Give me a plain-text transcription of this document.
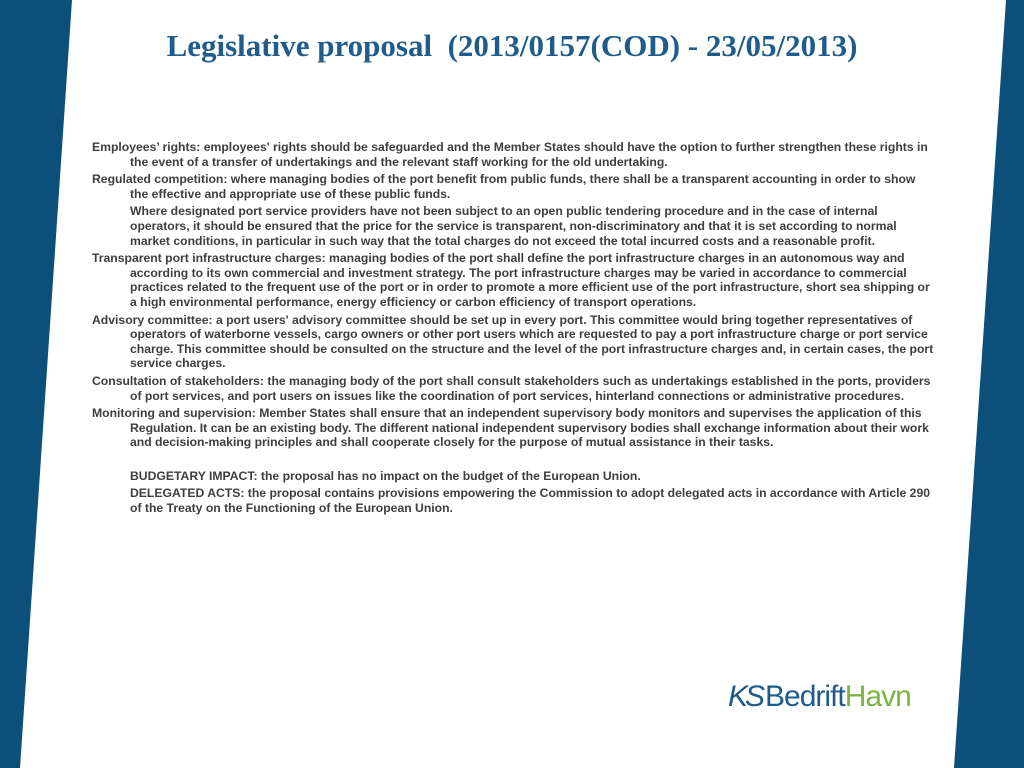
Legislative proposal  (2013/0157(COD) - 23/05/2013)

Employees’ rights: employees' rights should be safeguarded and the Member States should have the option to further strengthen these rights in the event of a transfer of undertakings and the relevant staff working for the old undertaking.

Regulated competition: where managing bodies of the port benefit from public funds, there shall be a transparent accounting in order to show the effective and appropriate use of these public funds.

Where designated port service providers have not been subject to an open public tendering procedure and in the case of internal operators, it should be ensured that the price for the service is transparent, non-discriminatory and that it is set according to normal market conditions, in particular in such way that the total charges do not exceed the total incurred costs and a reasonable profit.

Transparent port infrastructure charges: managing bodies of the port shall define the port infrastructure charges in an autonomous way and according to its own commercial and investment strategy. The port infrastructure charges may be varied in accordance to commercial practices related to the frequent use of the port or in order to promote a more efficient use of the port infrastructure, short sea shipping or a high environmental performance, energy efficiency or carbon efficiency of transport operations.

Advisory committee: a port users' advisory committee should be set up in every port. This committee would bring together representatives of operators of waterborne vessels, cargo owners or other port users which are requested to pay a port infrastructure charge or port service charge. This committee should be consulted on the structure and the level of the port infrastructure charges and, in certain cases, the port service charges.

Consultation of stakeholders: the managing body of the port shall consult stakeholders such as undertakings established in the ports, providers of port services, and port users on issues like the coordination of port services, hinterland connections or administrative procedures.

Monitoring and supervision: Member States shall ensure that an independent supervisory body monitors and supervises the application of this Regulation. It can be an existing body. The different national independent supervisory bodies shall exchange information about their work and decision-making principles and shall cooperate closely for the purpose of mutual assistance in their tasks.

BUDGETARY IMPACT: the proposal has no impact on the budget of the European Union.

DELEGATED ACTS: the proposal contains provisions empowering the Commission to adopt delegated acts in accordance with Article 290 of the Treaty on the Functioning of the European Union.

KS BedriftHavn
